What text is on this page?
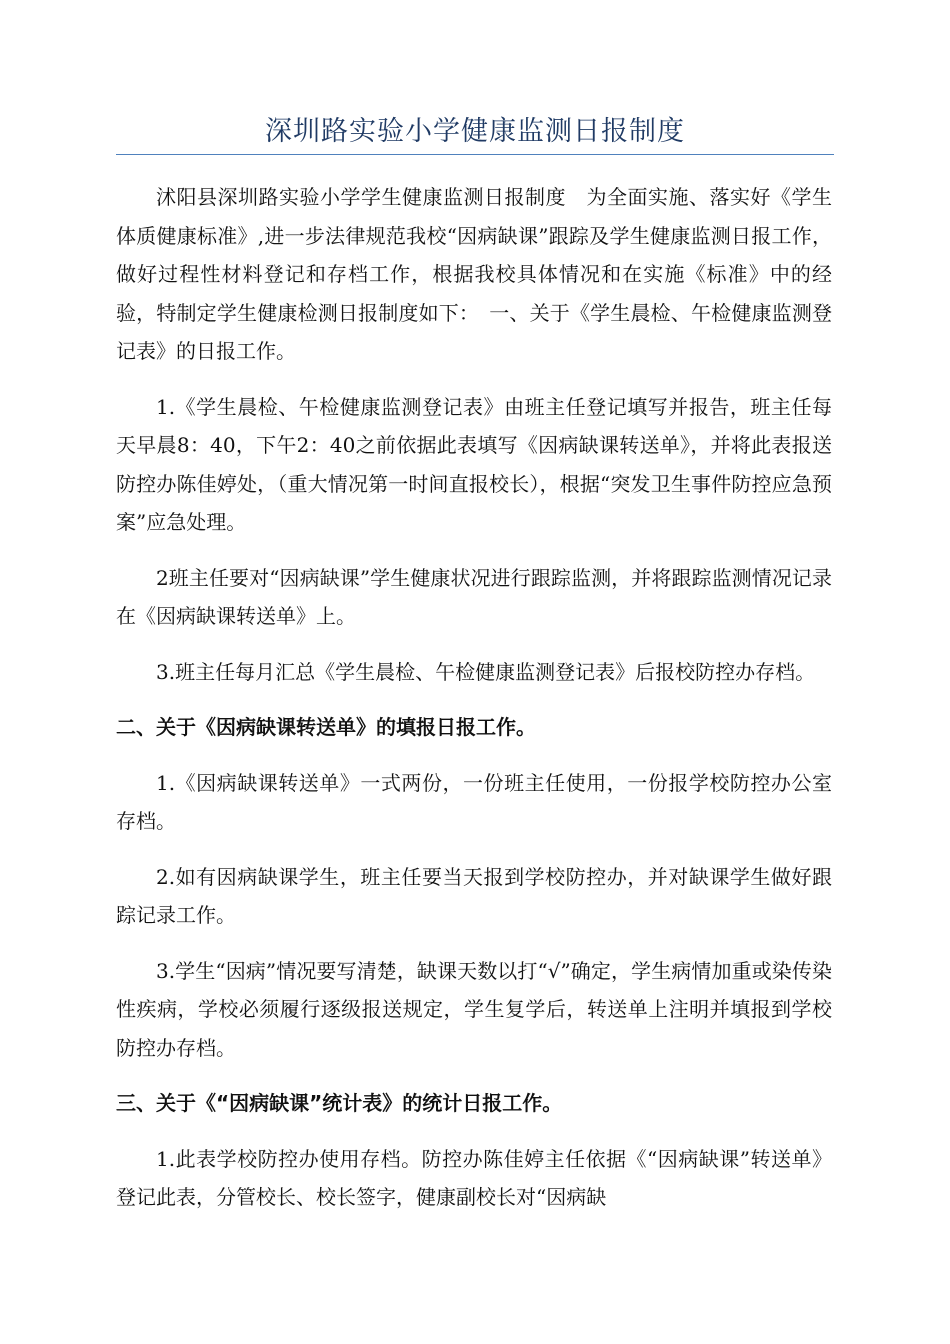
深圳路实验小学健康监测日报制度

沭阳县深圳路实验小学学生健康监测日报制度　为全面实施、落实好《学生体质健康标准》,进一步法律规范我校“因病缺课”跟踪及学生健康监测日报工作，做好过程性材料登记和存档工作，根据我校具体情况和在实施《标准》中的经验，特制定学生健康检测日报制度如下：　一、关于《学生晨检、午检健康监测登记表》的日报工作。

1.《学生晨检、午检健康监测登记表》由班主任登记填写并报告，班主任每天早晨8：40，下午2：40之前依据此表填写《因病缺课转送单》，并将此表报送防控办陈佳婷处，（重大情况第一时间直报校长），根据“突发卫生事件防控应急预案”应急处理。

2班主任要对“因病缺课”学生健康状况进行跟踪监测，并将跟踪监测情况记录在《因病缺课转送单》上。

3.班主任每月汇总《学生晨检、午检健康监测登记表》后报校防控办存档。

二、关于《因病缺课转送单》的填报日报工作。

1.《因病缺课转送单》一式两份，一份班主任使用，一份报学校防控办公室存档。

2.如有因病缺课学生，班主任要当天报到学校防控办，并对缺课学生做好跟踪记录工作。

3.学生“因病”情况要写清楚，缺课天数以打“√”确定，学生病情加重或染传染性疾病，学校必须履行逐级报送规定，学生复学后，转送单上注明并填报到学校防控办存档。

三、关于《“因病缺课”统计表》的统计日报工作。

1.此表学校防控办使用存档。防控办陈佳婷主任依据《“因病缺课”转送单》登记此表，分管校长、校长签字，健康副校长对“因病缺
